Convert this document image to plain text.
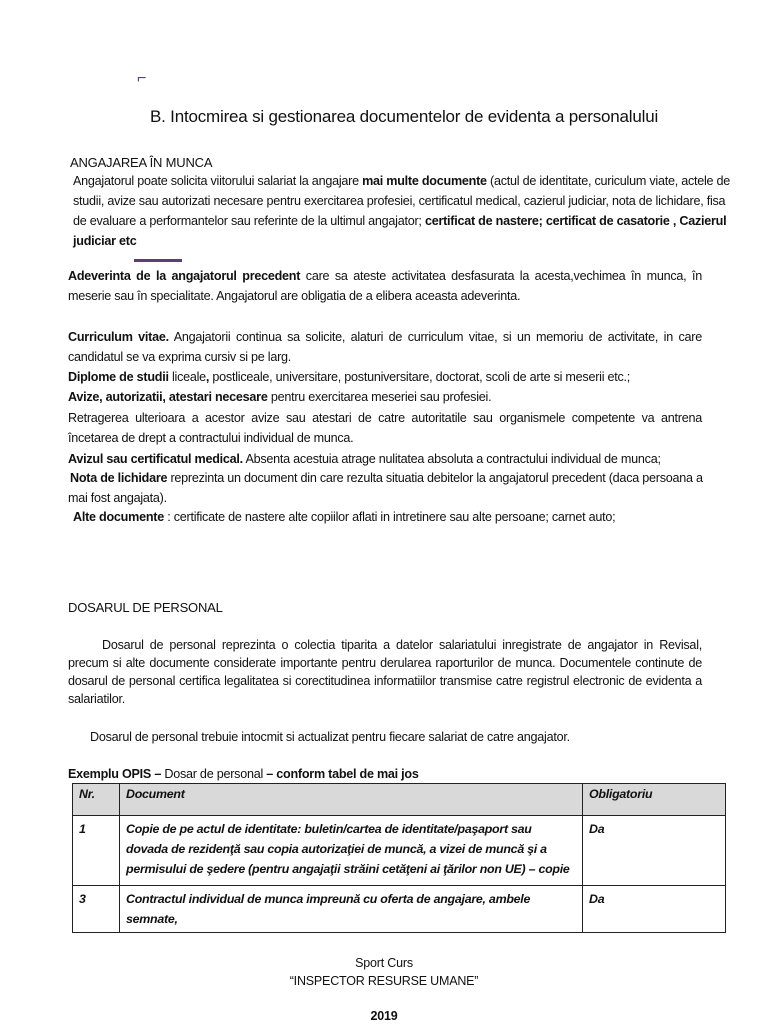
⌐
B. Intocmirea si gestionarea documentelor de evidenta a personalului
ANGAJAREA ÎN MUNCA
Angajatorul poate solicita viitorului salariat la angajare mai multe documente (actul de identitate, curiculum viate, actele de studii, avize sau autorizati necesare pentru exercitarea profesiei, certificatul medical, cazierul judiciar, nota de lichidare, fisa de evaluare a performantelor sau referinte de la ultimul angajator; certificat de nastere; certificat de casatorie , Cazierul judiciar etc
Adeverinta de la angajatorul precedent care sa ateste activitatea desfasurata la acesta,vechimea în munca, în meserie sau în specialitate. Angajatorul are obligatia de a elibera aceasta adeverinta.
Curriculum vitae. Angajatorii continua sa solicite, alaturi de curriculum vitae, si un memoriu de activitate, in care candidatul se va exprima cursiv si pe larg.
Diplome de studii liceale, postliceale, universitare, postuniversitare, doctorat, scoli de arte si meserii etc.;
Avize, autorizatii, atestari necesare pentru exercitarea meseriei sau profesiei.
Retragerea ulterioara a acestor avize sau atestari de catre autoritatile sau organismele competente va antrena încetarea de drept a contractului individual de munca.
Avizul sau certificatul medical. Absenta acestuia atrage nulitatea absoluta a contractului individual de munca;
Nota de lichidare reprezinta un document din care rezulta situatia debitelor la angajatorul precedent (daca persoana a mai fost angajata).
Alte documente : certificate de nastere alte copiilor aflati in intretinere sau alte persoane; carnet auto;
DOSARUL DE PERSONAL
Dosarul de personal reprezinta o colectia tiparita a datelor salariatului inregistrate de angajator in Revisal, precum si alte documente considerate importante pentru derularea raporturilor de munca. Documentele continute de dosarul de personal certifica legalitatea si corectitudinea informatiilor transmise catre registrul electronic de evidenta a salariatilor.
Dosarul de personal trebuie intocmit si actualizat pentru fiecare salariat de catre angajator.
Exemplu OPIS – Dosar de personal – conform tabel de mai jos
Nr.	Document	Obligatoriu
1	Copie de pe actul de identitate: buletin/cartea de identitate/paşaport sau dovada de rezidenţă sau copia autorizaţiei de muncă, a vizei de muncă şi a permisului de şedere (pentru angajaţii străini cetăţeni ai ţărilor non UE) – copie	Da
3	Contractul individual de munca impreună cu oferta de angajare, ambele semnate,	Da
Sport Curs
“INSPECTOR RESURSE UMANE”
2019
